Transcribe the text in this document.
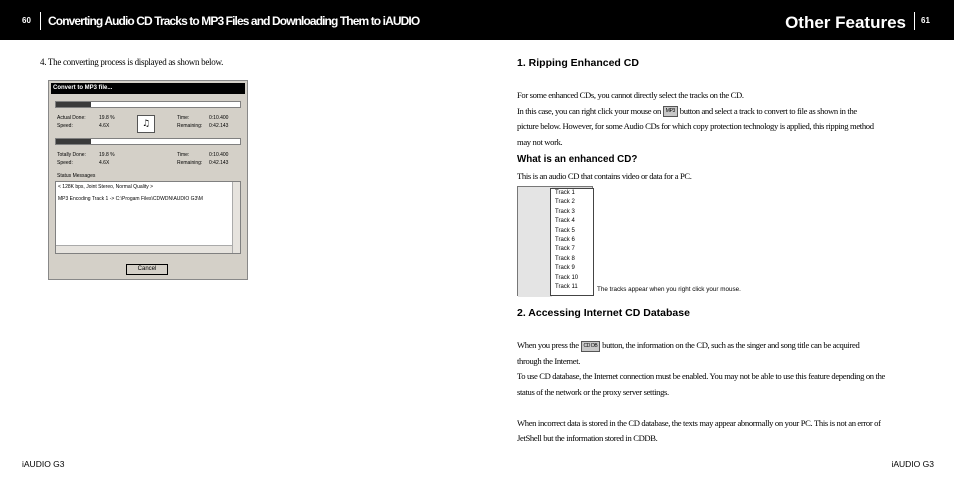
60 Converting Audio CD Tracks to MP3 Files and Downloading Them to iAUDIO	Other Features 61
4. The converting process is displayed as shown below.
Convert to MP3 file...
Actual Done:	19.8 %
Speed:	4.6X	♫
Time:	0:10.400
Remaining: 0:42.143
Totally Done:	19.8 %
Speed:	4.6X
Time:	0:10.400
Remaining: 0:42.143
Status Messages
< 128K bps, Joint Stereo, Normal Quality >
MP3 Encoding Track 1 -> C:\Progam Files\CDWDN\AUDIO G3\M
Cancel
1. Ripping Enhanced CD
For some enhanced CDs, you cannot directly select the tracks on the CD.
In this case, you can right click your mouse on MP3 button and select a track to convert to file as shown in the
picture below. However, for some Audio CDs for which copy protection technology is applied, this ripping method
may not work.
What is an enhanced CD?
This is an audio CD that contains video or data for a PC.
Track 1
Track 2
Track 3
Track 4
Track 5
Track 6
Track 7
Track 8
Track 9
Track 10
Track 11	The tracks appear when you right click your mouse.
2. Accessing Internet CD Database
When you press the CD DB button, the information on the CD, such as the singer and song title can be acquired
through the Internet.
To use CD database, the Internet connection must be enabled. You may not be able to use this feature depending on the
status of the network or the proxy server settings.
When incorrect data is stored in the CD database, the texts may appear abnormally on your PC. This is not an error of
JetShell but the information stored in CDDB.
iAUDIO G3	iAUDIO G3
